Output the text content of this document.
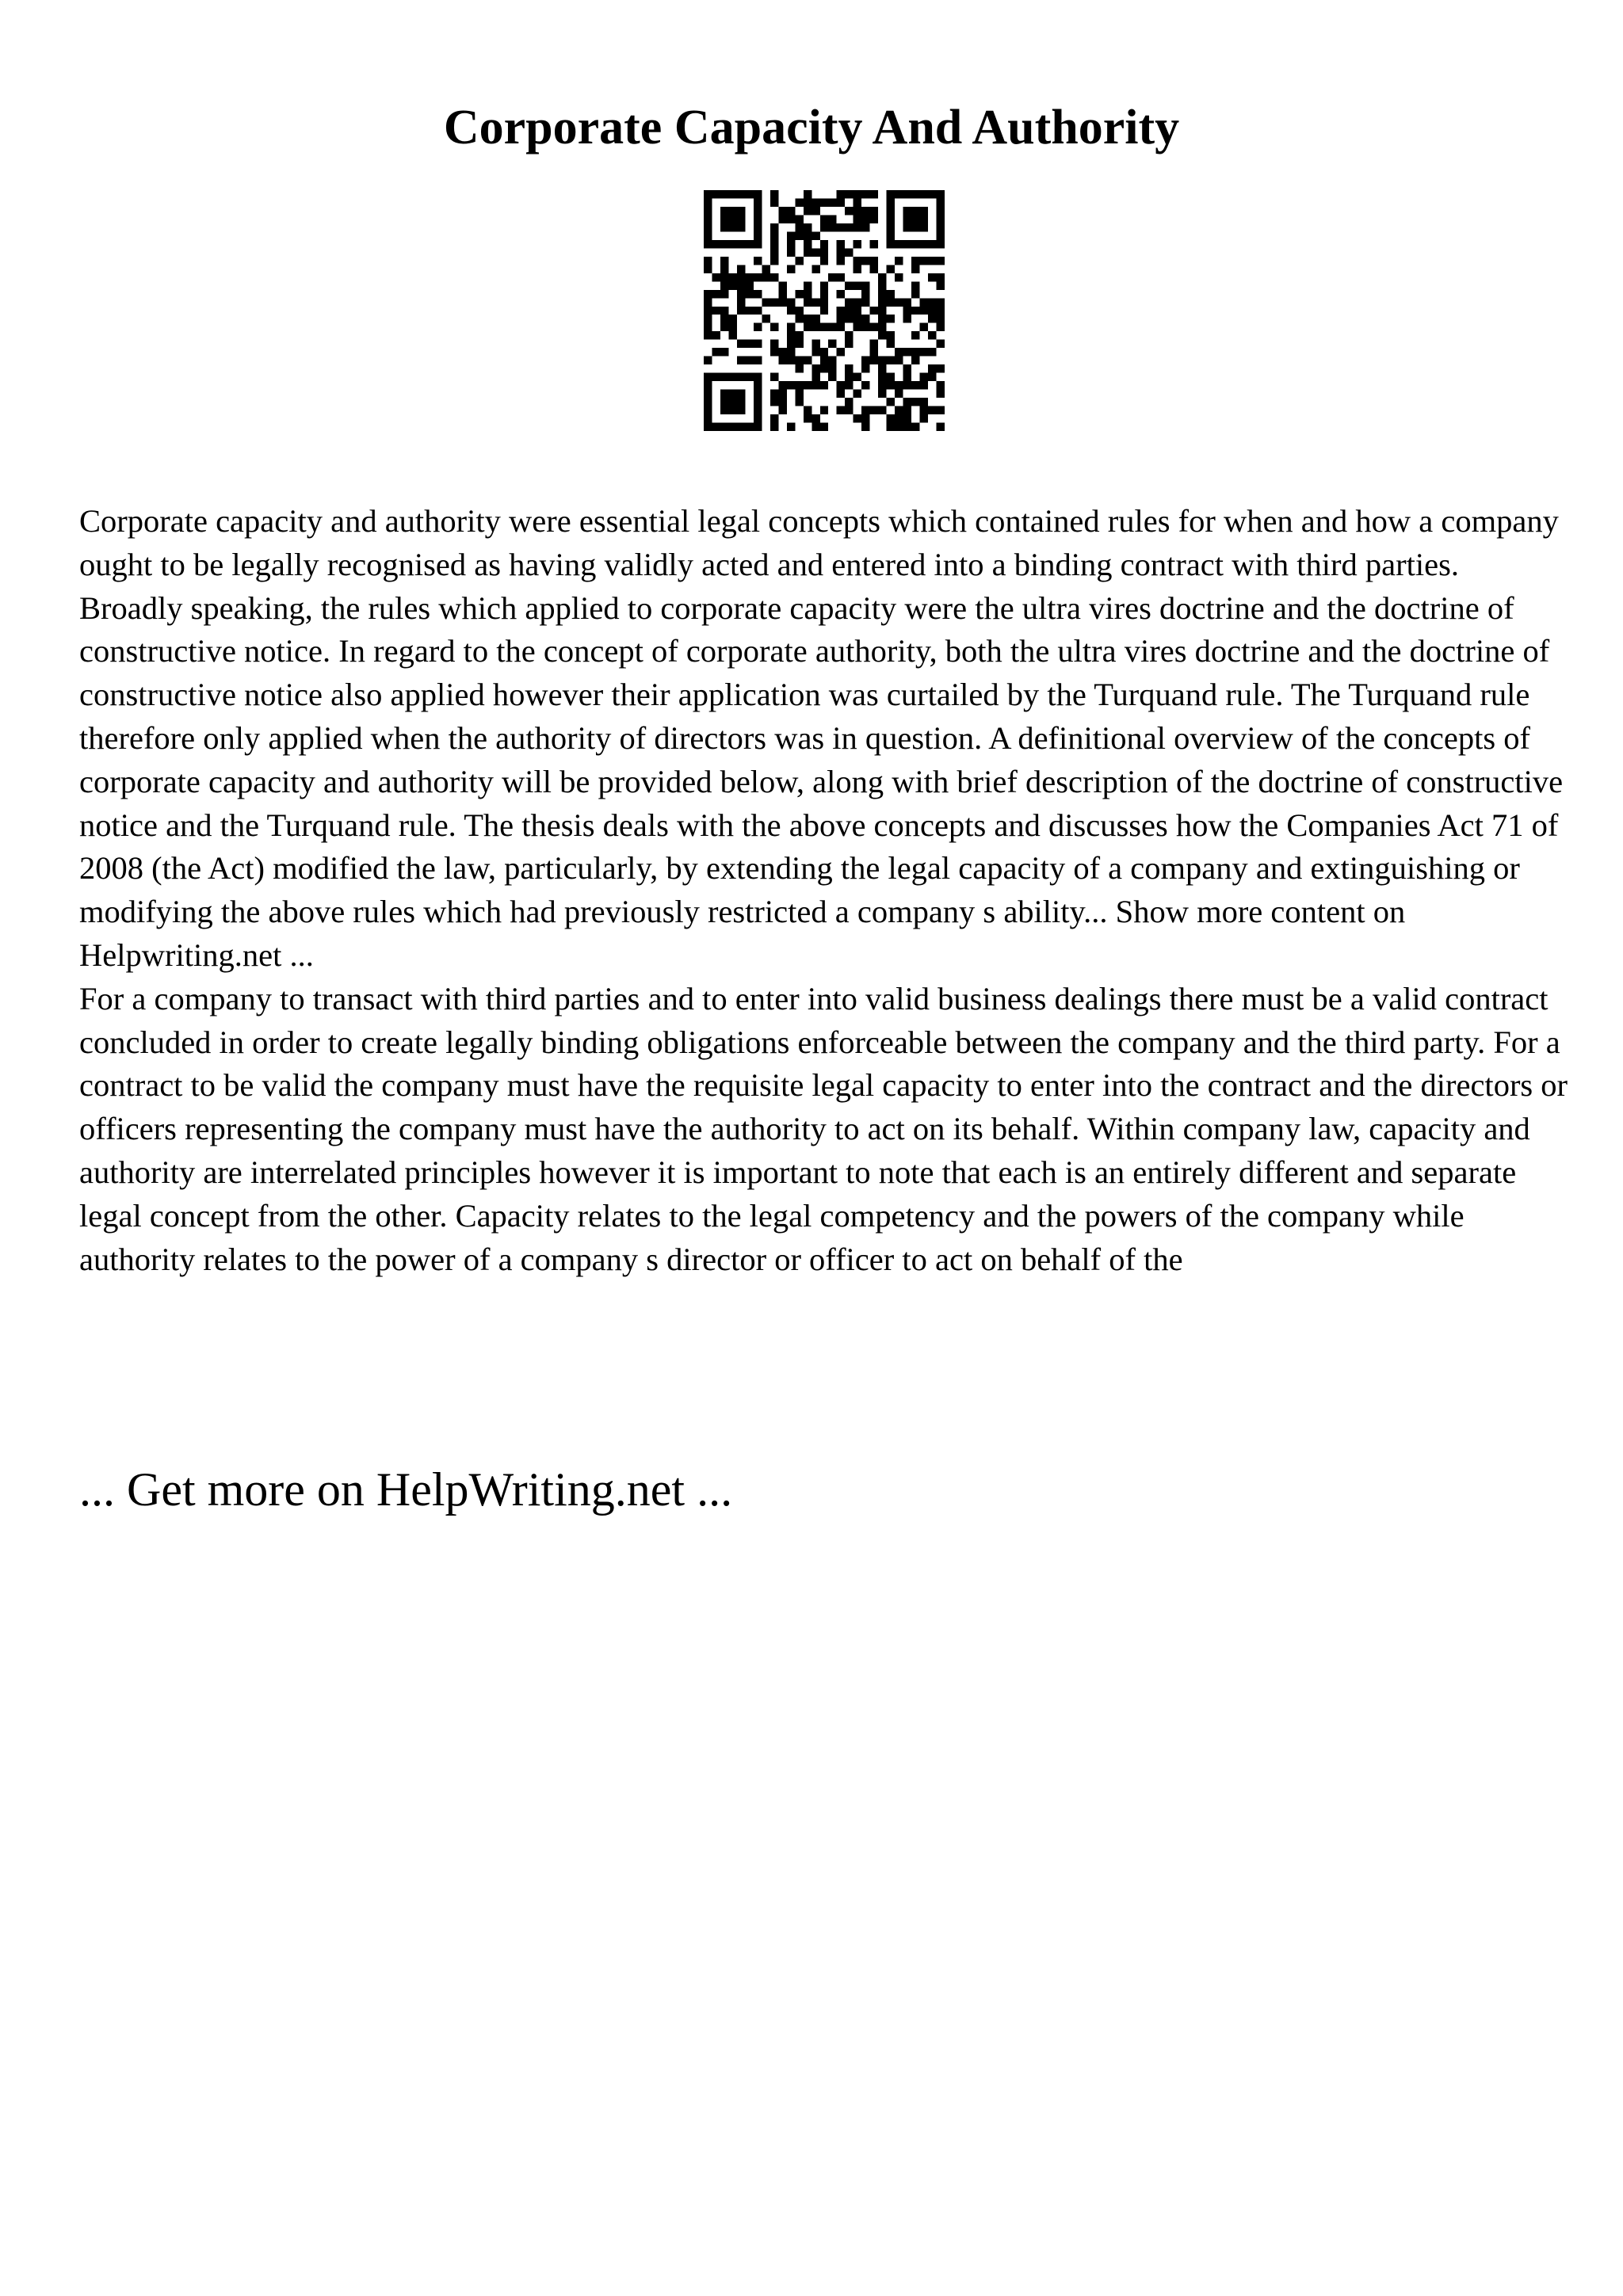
Corporate Capacity And Authority

Corporate capacity and authority were essential legal concepts which contained rules for when and how a company ought to be legally recognised as having validly acted and entered into a binding contract with third parties. Broadly speaking, the rules which applied to corporate capacity were the ultra vires doctrine and the doctrine of constructive notice. In regard to the concept of corporate authority, both the ultra vires doctrine and the doctrine of constructive notice also applied however their application was curtailed by the Turquand rule. The Turquand rule therefore only applied when the authority of directors was in question. A definitional overview of the concepts of corporate capacity and authority will be provided below, along with brief description of the doctrine of constructive notice and the Turquand rule. The thesis deals with the above concepts and discusses how the Companies Act 71 of 2008 (the Act) modified the law, particularly, by extending the legal capacity of a company and extinguishing or modifying the above rules which had previously restricted a company s ability... Show more content on Helpwriting.net ...

For a company to transact with third parties and to enter into valid business dealings there must be a valid contract concluded in order to create legally binding obligations enforceable between the company and the third party. For a contract to be valid the company must have the requisite legal capacity to enter into the contract and the directors or officers representing the company must have the authority to act on its behalf. Within company law, capacity and authority are interrelated principles however it is important to note that each is an entirely different and separate legal concept from the other. Capacity relates to the legal competency and the powers of the company while authority relates to the power of a company s director or officer to act on behalf of the

... Get more on HelpWriting.net ...
